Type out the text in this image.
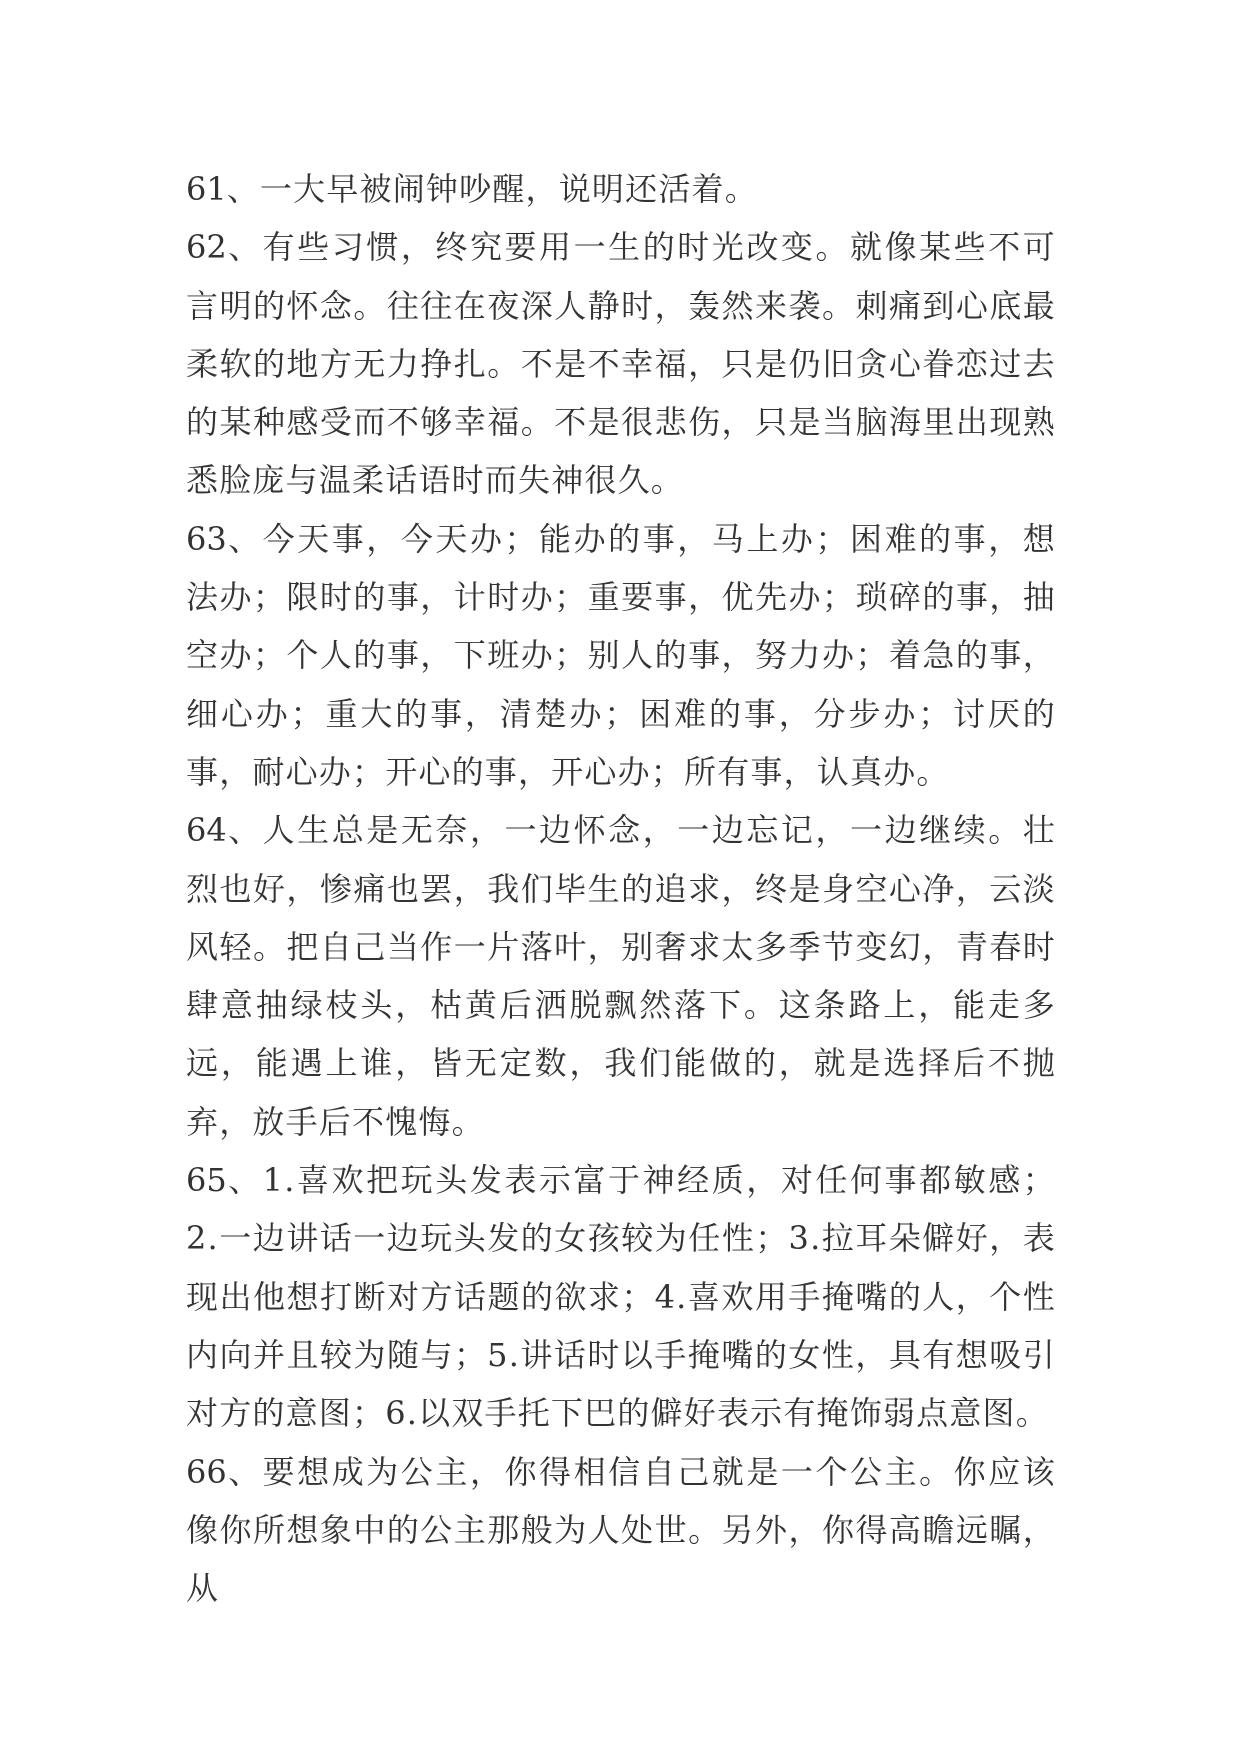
61、一大早被闹钟吵醒，说明还活着。

62、有些习惯，终究要用一生的时光改变。就像某些不可言明的怀念。往往在夜深人静时，轰然来袭。刺痛到心底最柔软的地方无力挣扎。不是不幸福，只是仍旧贪心眷恋过去的某种感受而不够幸福。不是很悲伤，只是当脑海里出现熟悉脸庞与温柔话语时而失神很久。

63、今天事，今天办；能办的事，马上办；困难的事，想法办；限时的事，计时办；重要事，优先办；琐碎的事，抽空办；个人的事，下班办；别人的事，努力办；着急的事，细心办；重大的事，清楚办；困难的事，分步办；讨厌的事，耐心办；开心的事，开心办；所有事，认真办。

64、人生总是无奈，一边怀念，一边忘记，一边继续。壮烈也好，惨痛也罢，我们毕生的追求，终是身空心净，云淡风轻。把自己当作一片落叶，别奢求太多季节变幻，青春时肆意抽绿枝头，枯黄后洒脱飘然落下。这条路上，能走多远，能遇上谁，皆无定数，我们能做的，就是选择后不抛弃，放手后不愧悔。

65、1.喜欢把玩头发表示富于神经质，对任何事都敏感；2.一边讲话一边玩头发的女孩较为任性；3.拉耳朵僻好，表现出他想打断对方话题的欲求；4.喜欢用手掩嘴的人，个性内向并且较为随与；5.讲话时以手掩嘴的女性，具有想吸引对方的意图；6.以双手托下巴的僻好表示有掩饰弱点意图。

66、要想成为公主，你得相信自己就是一个公主。你应该像你所想象中的公主那般为人处世。另外，你得高瞻远瞩，从
